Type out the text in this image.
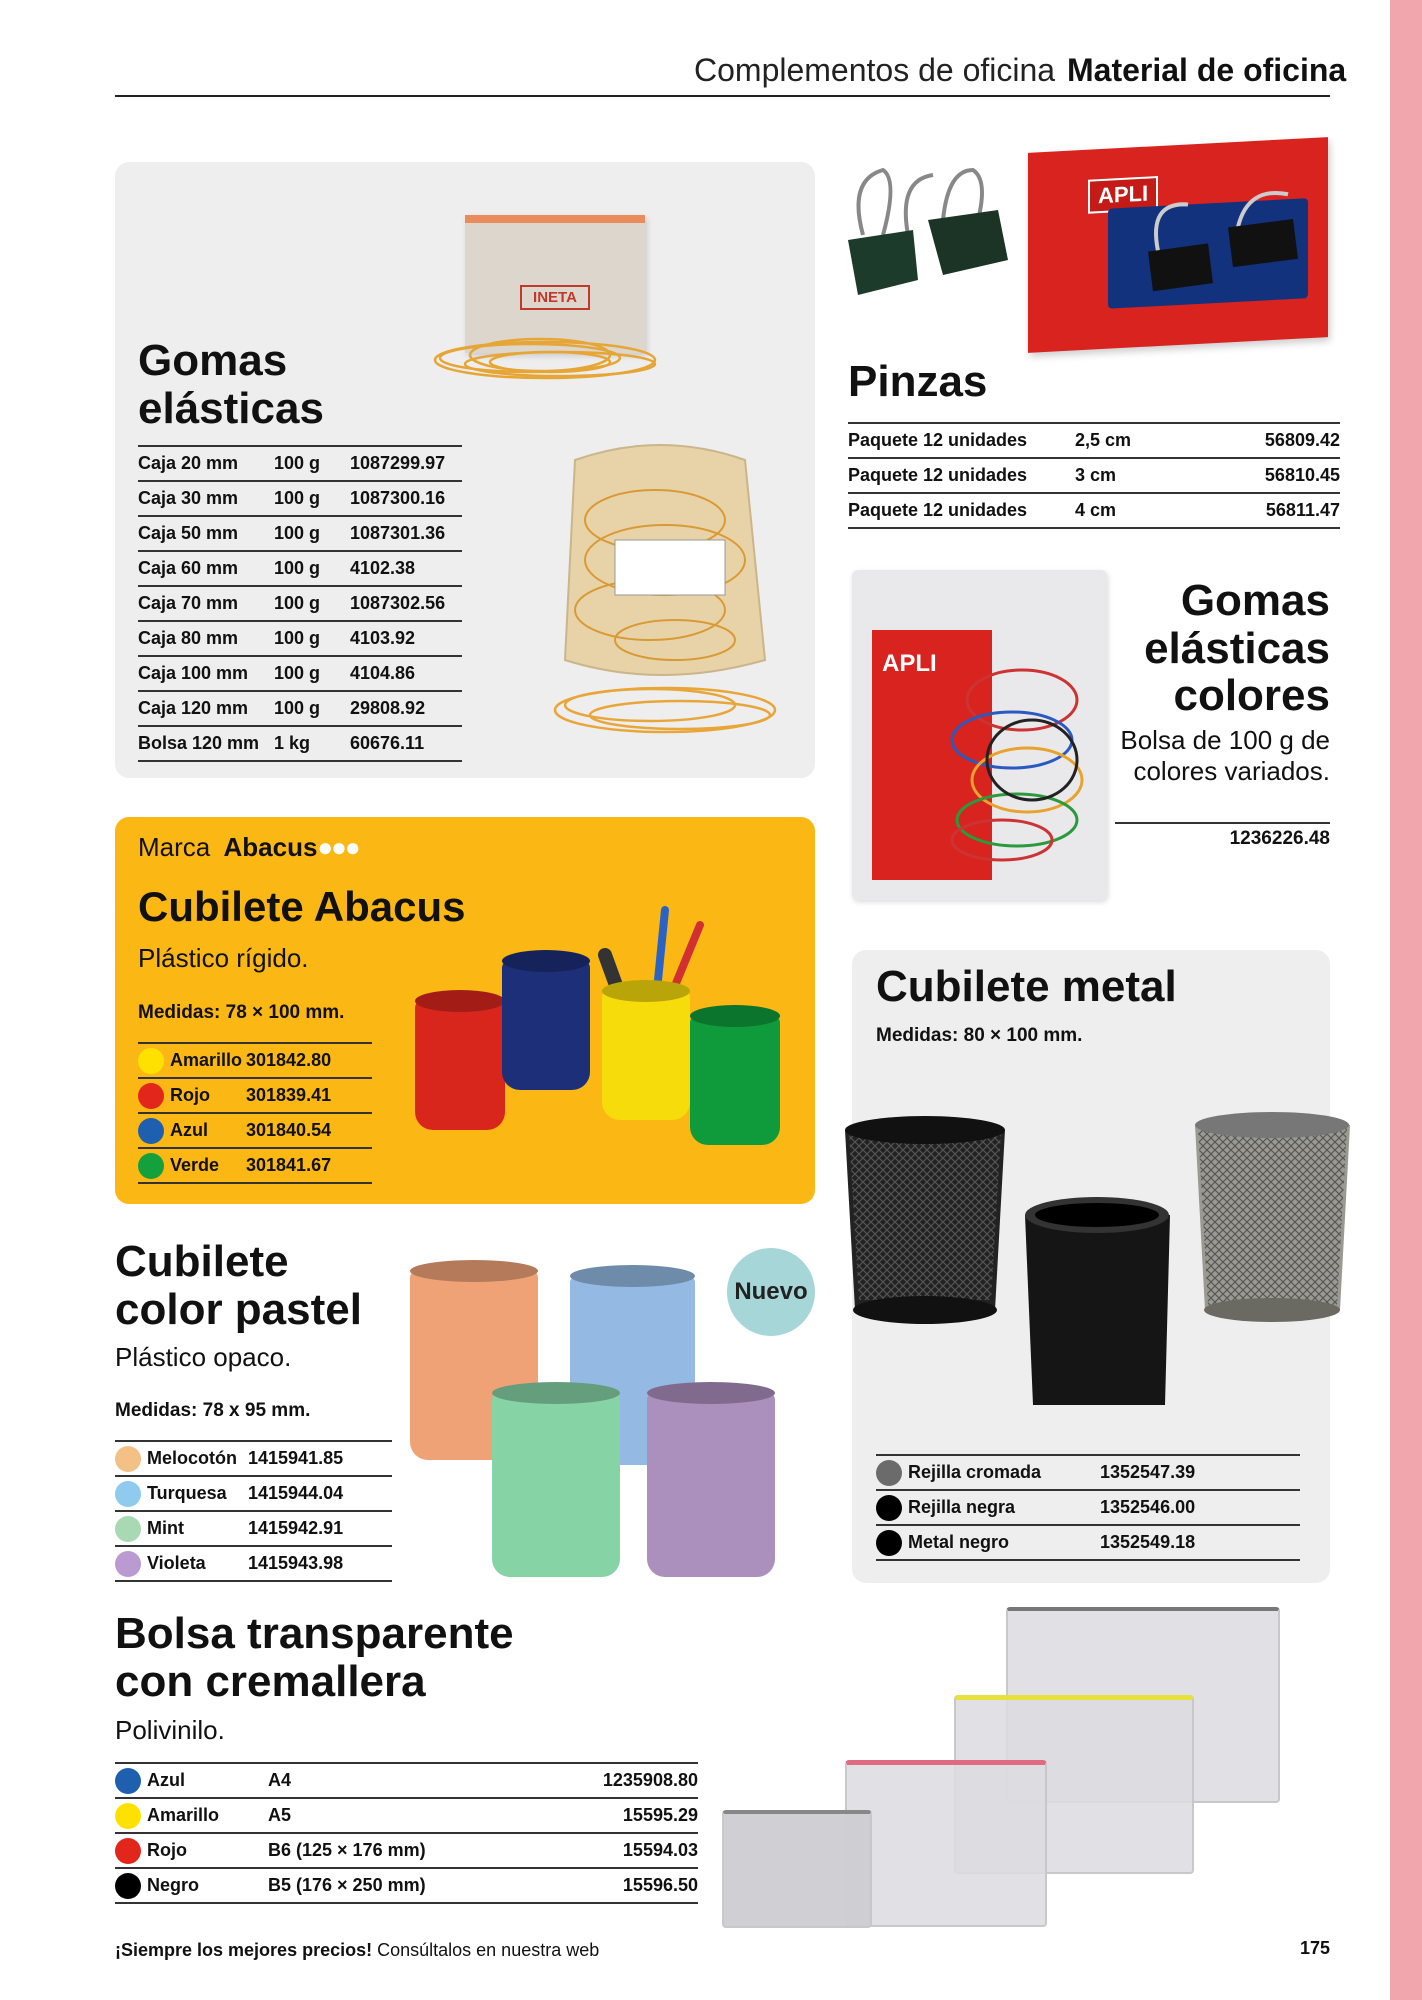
Complementos de oficina Material de oficina
INETA
Gomas
elásticas
Caja 20 mm	100 g	1087299.97
Caja 30 mm	100 g	1087300.16
Caja 50 mm	100 g	1087301.36
Caja 60 mm	100 g	4102.38
Caja 70 mm	100 g	1087302.56
Caja 80 mm	100 g	4103.92
Caja 100 mm	100 g	4104.86
Caja 120 mm	100 g	29808.92
Bolsa 120 mm	1 kg	60676.11
APLI
Pinzas
Paquete 12 unidades	2,5 cm	56809.42
Paquete 12 unidades	3 cm	56810.45
Paquete 12 unidades	4 cm	56811.47
APLI
Gomas
elásticas
colores
Bolsa de 100 g de
colores variados.
1236226.48
Marca Abacus●●●
Cubilete Abacus
Plástico rígido.
Medidas: 78 × 100 mm.
Amarillo	301842.80
Rojo	301839.41
Azul	301840.54
Verde	301841.67
Cubilete metal
Medidas: 80 × 100 mm.
Rejilla cromada	1352547.39
Rejilla negra	1352546.00
Metal negro	1352549.18
Cubilete
color pastel
Plástico opaco.
Medidas: 78 x 95 mm.
Melocotón	1415941.85
Turquesa	1415944.04
Mint	1415942.91
Violeta	1415943.98
Nuevo
Bolsa transparente
con cremallera
Polivinilo.
Azul	A4	1235908.80
Amarillo	A5	15595.29
Rojo	B6 (125 × 176 mm)	15594.03
Negro	B5 (176 × 250 mm)	15596.50
¡Siempre los mejores precios! Consúltalos en nuestra web	175
